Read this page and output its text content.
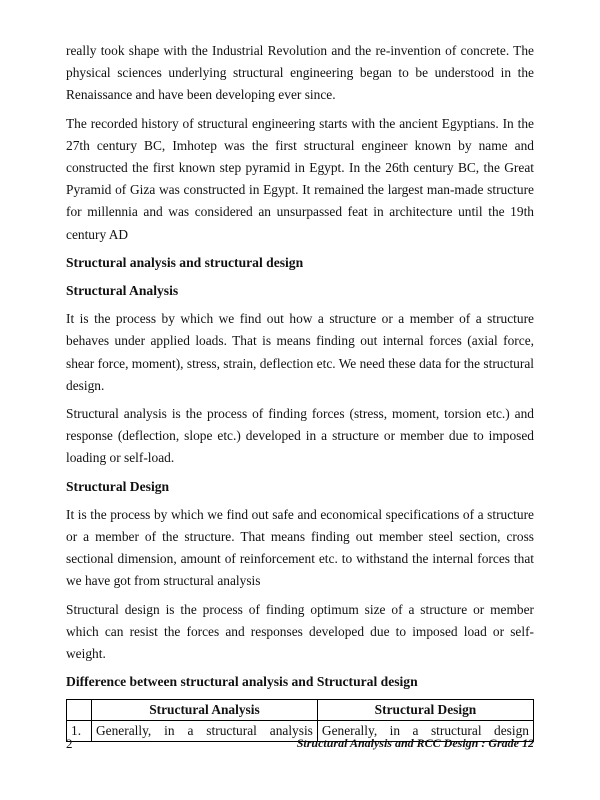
really took shape with the Industrial Revolution and the re-invention of concrete. The physical sciences underlying structural engineering began to be understood in the Renaissance and have been developing ever since.

The recorded history of structural engineering starts with the ancient Egyptians. In the 27th century BC, Imhotep was the first structural engineer known by name and constructed the first known step pyramid in Egypt. In the 26th century BC, the Great Pyramid of Giza was constructed in Egypt. It remained the largest man-made structure for millennia and was considered an unsurpassed feat in architecture until the 19th century AD

Structural analysis and structural design
Structural Analysis

It is the process by which we find out how a structure or a member of a structure behaves under applied loads. That is means finding out internal forces (axial force, shear force, moment), stress, strain, deflection etc. We need these data for the structural design.

Structural analysis is the process of finding forces (stress, moment, torsion etc.) and response (deflection, slope etc.) developed in a structure or member due to imposed loading or self-load.

Structural Design

It is the process by which we find out safe and economical specifications of a structure or a member of the structure. That means finding out member steel section, cross sectional dimension, amount of reinforcement etc. to withstand the internal forces that we have got from structural analysis

Structural design is the process of finding optimum size of a structure or member which can resist the forces and responses developed due to imposed load or self-weight.

Difference between structural analysis and Structural design
	Structural Analysis	Structural Design
1.	Generally, in a structural analysis	Generally, in a structural design
2	Structural Analysis and RCC Design : Grade 12
